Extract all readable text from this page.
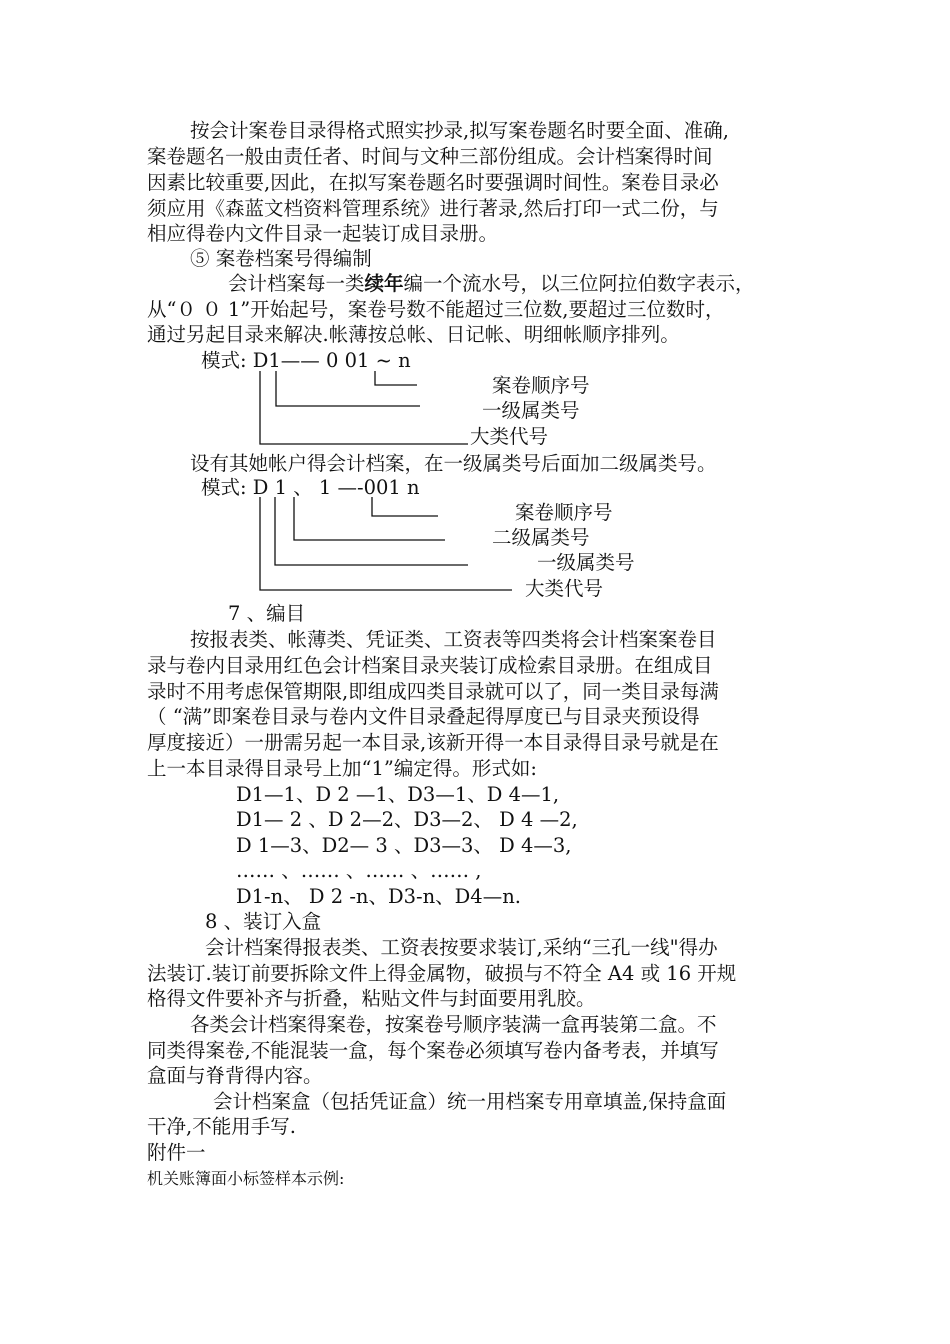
按会计案卷目录得格式照实抄录,拟写案卷题名时要全面、准确,

案卷题名一般由责任者、时间与文种三部份组成。会计档案得时间

因素比较重要,因此，在拟写案卷题名时要强调时间性。案卷目录必

须应用《森蓝文档资料管理系统》进行著录,然后打印一式二份，与

相应得卷内文件目录一起装订成目录册。

⑤ 案卷档案号得编制

会计档案每一类续年编一个流水号，以三位阿拉伯数字表示，

从“０ ０ 1”开始起号，案卷号数不能超过三位数,要超过三位数时，

通过另起目录来解决.帐薄按总帐、日记帐、明细帐顺序排列。

模式: D1—— 0 01 ~ n

案卷顺序号

一级属类号

大类代号

设有其她帐户得会计档案，在一级属类号后面加二级属类号。

模式: D 1 、 1 —-001 n

案卷顺序号

二级属类号

一级属类号

大类代号

7 、编目

按报表类、帐薄类、凭证类、工资表等四类将会计档案案卷目

录与卷内目录用红色会计档案目录夹装订成检索目录册。在组成目

录时不用考虑保管期限,即组成四类目录就可以了，同一类目录每满

（ “满”即案卷目录与卷内文件目录叠起得厚度已与目录夹预设得

厚度接近）一册需另起一本目录,该新开得一本目录得目录号就是在

上一本目录得目录号上加“1”编定得。形式如:

D1—1、D 2 —1、D3—1、D 4—1,

D1— 2 、D 2—2、D3—2、 D 4 —2,

D 1—3、D2— 3 、D3—3、 D 4—3,

…… 、…… 、…… 、…… ,

D1-n、 D 2 -n、D3-n、D4—n.

8 、装订入盒

会计档案得报表类、工资表按要求装订,采纳“三孔一线"得办

法装订.装订前要拆除文件上得金属物，破损与不符全 A4 或 16 开规

格得文件要补齐与折叠，粘贴文件与封面要用乳胶。

各类会计档案得案卷，按案卷号顺序装满一盒再装第二盒。不

同类得案卷,不能混装一盒，每个案卷必须填写卷内备考表，并填写

盒面与脊背得内容。

会计档案盒（包括凭证盒）统一用档案专用章填盖,保持盒面

干净,不能用手写.

附件一

机关账簿面小标签样本示例:
